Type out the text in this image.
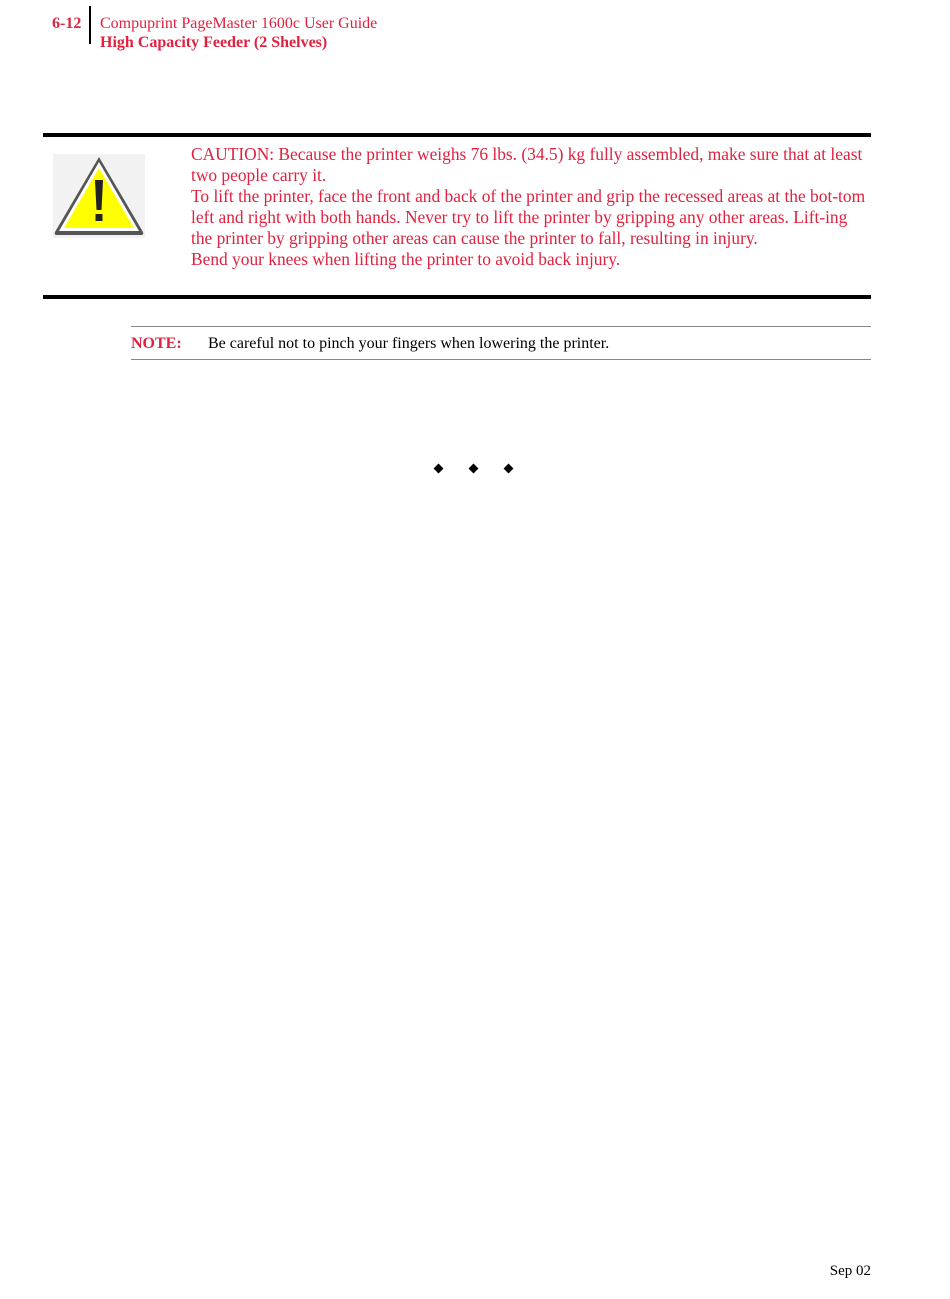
6-12 Compuprint PageMaster 1600c User Guide
High Capacity Feeder (2 Shelves)

CAUTION: Because the printer weighs 76 lbs. (34.5) kg fully assembled, make sure that at least two people carry it.

To lift the printer, face the front and back of the printer and grip the recessed areas at the bot-tom left and right with both hands. Never try to lift the printer by gripping any other areas. Lift-ing the printer by gripping other areas can cause the printer to fall, resulting in injury.

Bend your knees when lifting the printer to avoid back injury.

NOTE: Be careful not to pinch your fingers when lowering the printer.
Sep 02
